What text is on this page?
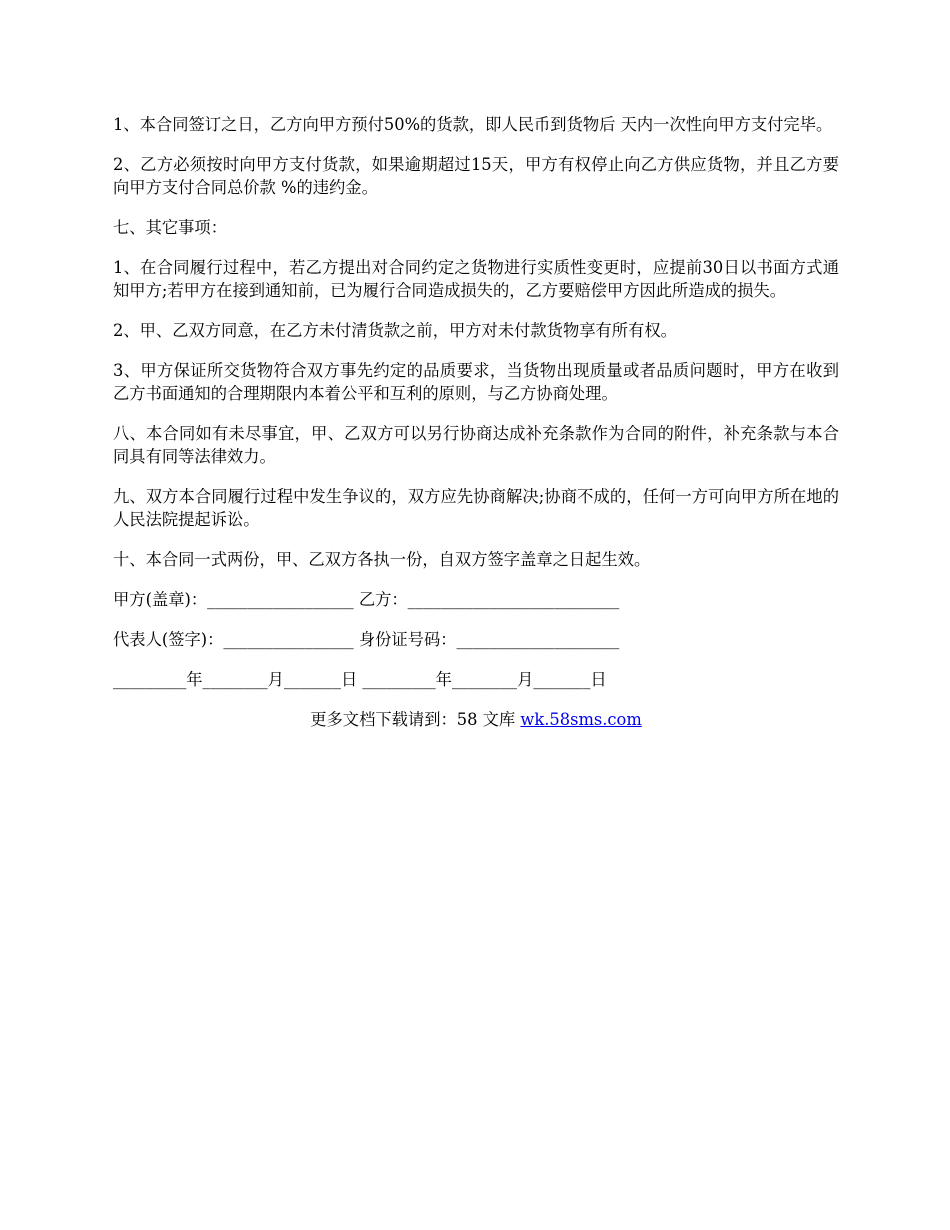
1、本合同签订之日，乙方向甲方预付50%的货款，即人民币到货物后 天内一次性向甲方支付完毕。

2、乙方必须按时向甲方支付货款，如果逾期超过15天，甲方有权停止向乙方供应货物，并且乙方要向甲方支付合同总价款 %的违约金。

七、其它事项：

1、在合同履行过程中，若乙方提出对合同约定之货物进行实质性变更时，应提前30日以书面方式通知甲方;若甲方在接到通知前，已为履行合同造成损失的，乙方要赔偿甲方因此所造成的损失。

2、甲、乙双方同意，在乙方未付清货款之前，甲方对未付款货物享有所有权。

3、甲方保证所交货物符合双方事先约定的品质要求，当货物出现质量或者品质问题时，甲方在收到乙方书面通知的合理期限内本着公平和互利的原则，与乙方协商处理。

八、本合同如有未尽事宜，甲、乙双方可以另行协商达成补充条款作为合同的附件，补充条款与本合同具有同等法律效力。

九、双方本合同履行过程中发生争议的，双方应先协商解决;协商不成的，任何一方可向甲方所在地的人民法院提起诉讼。

十、本合同一式两份，甲、乙双方各执一份，自双方签字盖章之日起生效。

甲方(盖章)：__________________ 乙方：__________________________

代表人(签字)：________________ 身份证号码：____________________

_________年________月_______日 _________年________月_______日

更多文档下载请到：58 文库 wk.58sms.com
